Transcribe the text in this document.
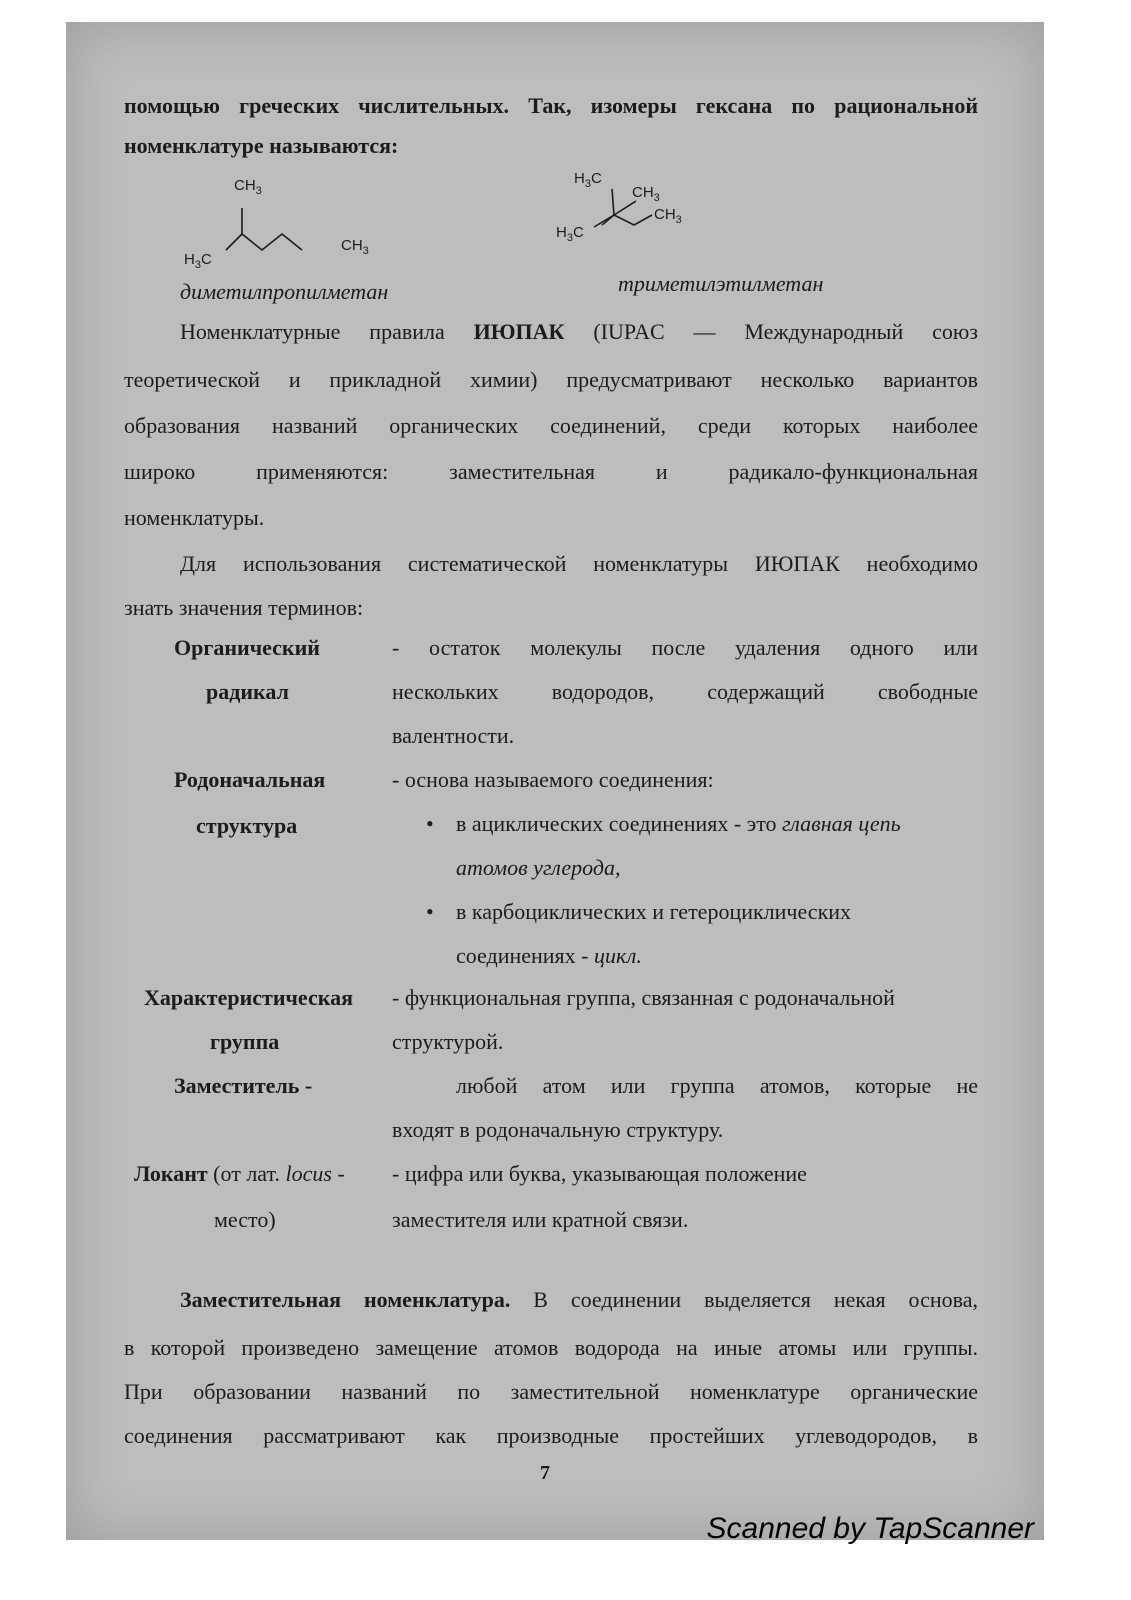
помощью греческих числительных. Так, изомеры гексана по рациональной
номенклатуре называются:
$CH_3$
$H_3C$
$CH_3$
диметилпропилметан
$H_3C$
$CH_3$
$CH_3$
$H_3C$
триметилэтилметан
Номенклатурные правила ИЮПАК (IUPAC — Международный союз
теоретической и прикладной химии) предусматривают несколько вариантов
образования названий органических соединений, среди которых наиболее
широко применяются: заместительная и радикало-функциональная
номенклатуры.
Для использования систематической номенклатуры ИЮПАК необходимо
знать значения терминов:
Органический
радикал
- остаток молекулы после удаления одного или
нескольких водородов, содержащий свободные
валентности.
Родоначальная
структура
- основа называемого соединения:
• в ациклических соединениях - это главная цепь
атомов углерода,
• в карбоциклических и гетероциклических
соединениях - цикл.
Характеристическая
группа
- функциональная группа, связанная с родоначальной
структурой.
Заместитель -	любой атом или группа атомов, которые не
входят в родоначальную структуру.
Локант (от лат. locus -
место)
- цифра или буква, указывающая положение
заместителя или кратной связи.
Заместительная номенклатура. В соединении выделяется некая основа,
в которой произведено замещение атомов водорода на иные атомы или группы.
При образовании названий по заместительной номенклатуре органические
соединения рассматривают как производные простейших углеводородов, в
7
Scanned by TapScanner
